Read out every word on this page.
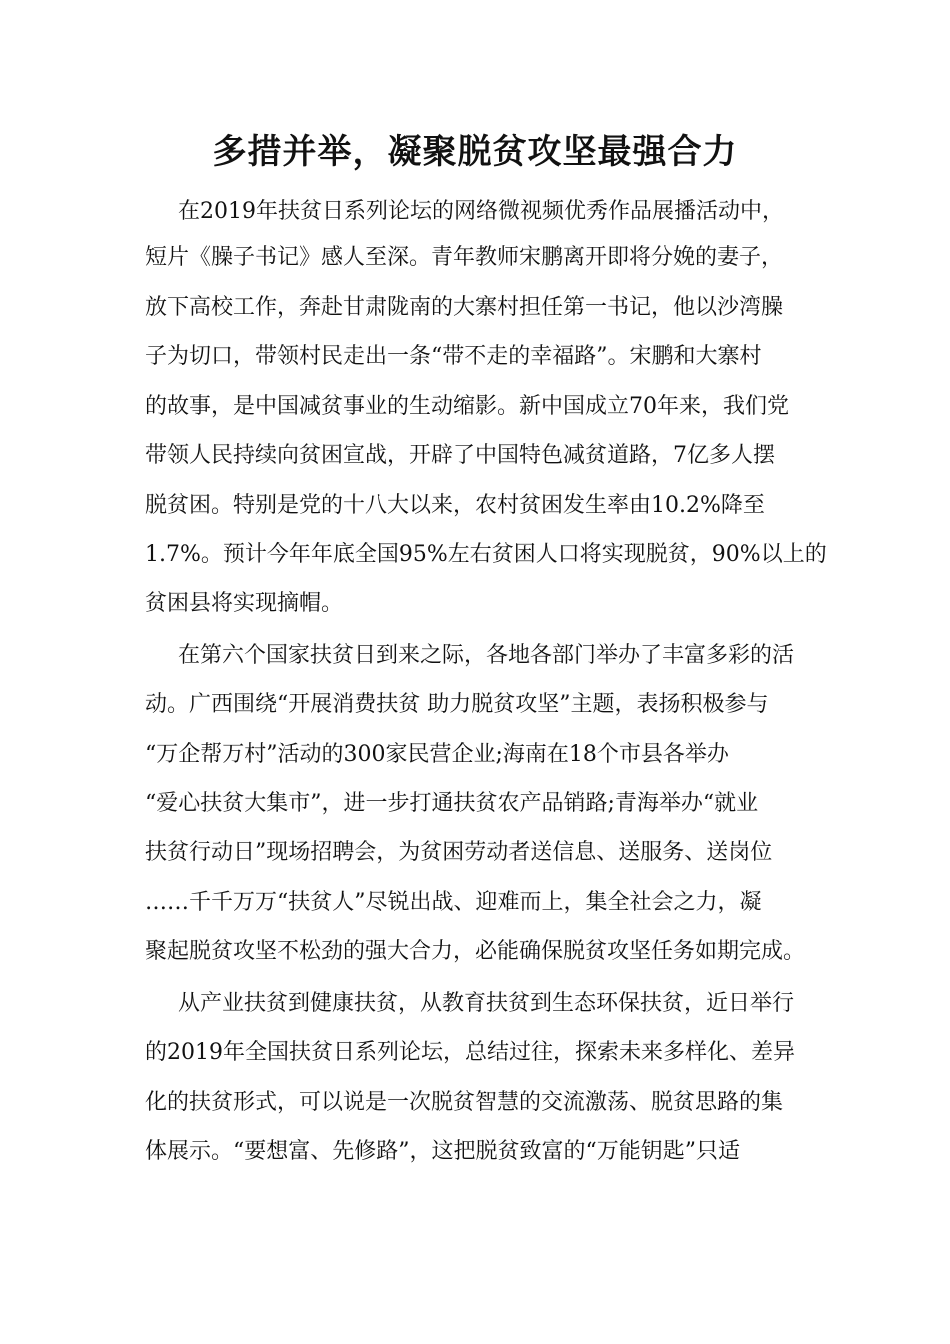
多措并举，凝聚脱贫攻坚最强合力
在2019年扶贫日系列论坛的网络微视频优秀作品展播活动中，
短片《臊子书记》感人至深。青年教师宋鹏离开即将分娩的妻子，
放下高校工作，奔赴甘肃陇南的大寨村担任第一书记，他以沙湾臊
子为切口，带领村民走出一条“带不走的幸福路”。宋鹏和大寨村
的故事，是中国减贫事业的生动缩影。新中国成立70年来，我们党
带领人民持续向贫困宣战，开辟了中国特色减贫道路，7亿多人摆
脱贫困。特别是党的十八大以来，农村贫困发生率由10.2%降至
1.7%。预计今年年底全国95%左右贫困人口将实现脱贫，90%以上的
贫困县将实现摘帽。
在第六个国家扶贫日到来之际，各地各部门举办了丰富多彩的活
动。广西围绕“开展消费扶贫 助力脱贫攻坚”主题，表扬积极参与
“万企帮万村”活动的300家民营企业;海南在18个市县各举办
“爱心扶贫大集市”，进一步打通扶贫农产品销路;青海举办“就业
扶贫行动日”现场招聘会，为贫困劳动者送信息、送服务、送岗位
……千千万万“扶贫人”尽锐出战、迎难而上，集全社会之力，凝
聚起脱贫攻坚不松劲的强大合力，必能确保脱贫攻坚任务如期完成。
从产业扶贫到健康扶贫，从教育扶贫到生态环保扶贫，近日举行
的2019年全国扶贫日系列论坛，总结过往，探索未来多样化、差异
化的扶贫形式，可以说是一次脱贫智慧的交流激荡、脱贫思路的集
体展示。“要想富、先修路”，这把脱贫致富的“万能钥匙”只适
